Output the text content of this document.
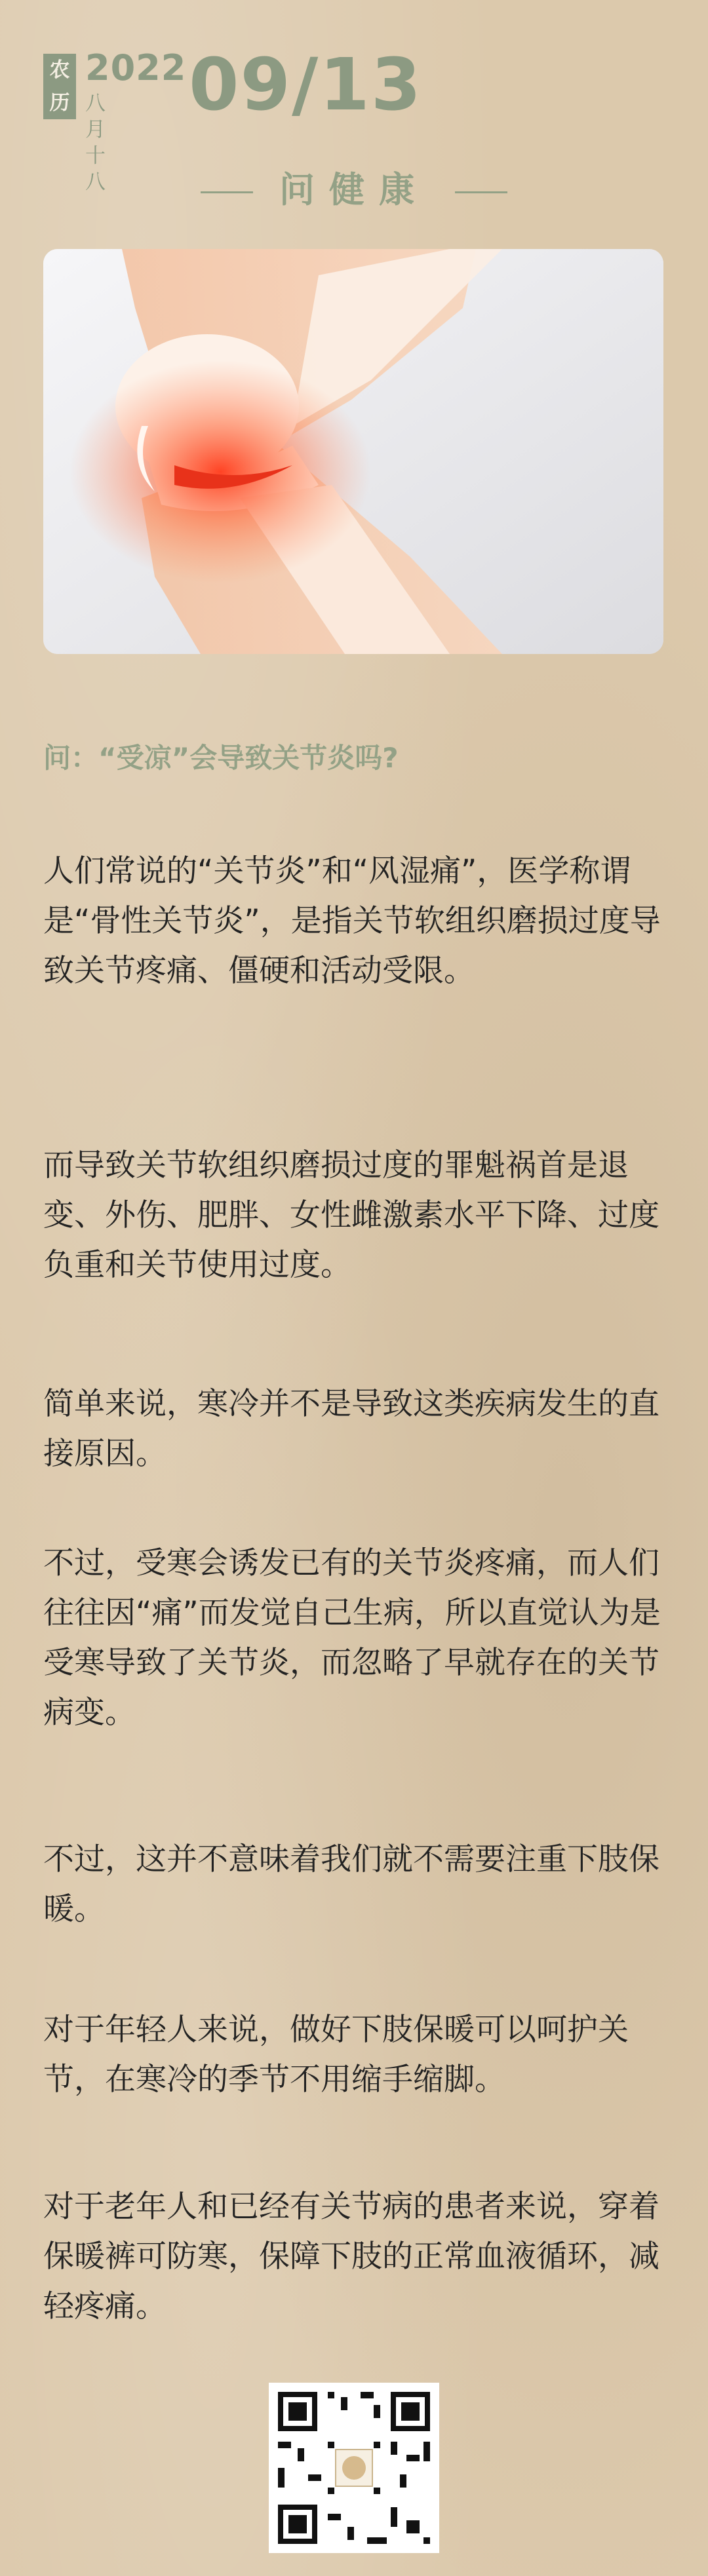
农历
2022
八月十八
09/13
问健康
问：“受凉”会导致关节炎吗?

人们常说的“关节炎”和“风湿痛”，医学称谓是“骨性关节炎”，是指关节软组织磨损过度导致关节疼痛、僵硬和活动受限。

而导致关节软组织磨损过度的罪魁祸首是退变、外伤、肥胖、女性雌激素水平下降、过度负重和关节使用过度。

简单来说，寒冷并不是导致这类疾病发生的直接原因。

不过，受寒会诱发已有的关节炎疼痛，而人们往往因“痛”而发觉自己生病，所以直觉认为是受寒导致了关节炎，而忽略了早就存在的关节病变。

不过，这并不意味着我们就不需要注重下肢保暖。

对于年轻人来说，做好下肢保暖可以呵护关节，在寒冷的季节不用缩手缩脚。

对于老年人和已经有关节病的患者来说，穿着保暖裤可防寒，保障下肢的正常血液循环，减轻疼痛。
